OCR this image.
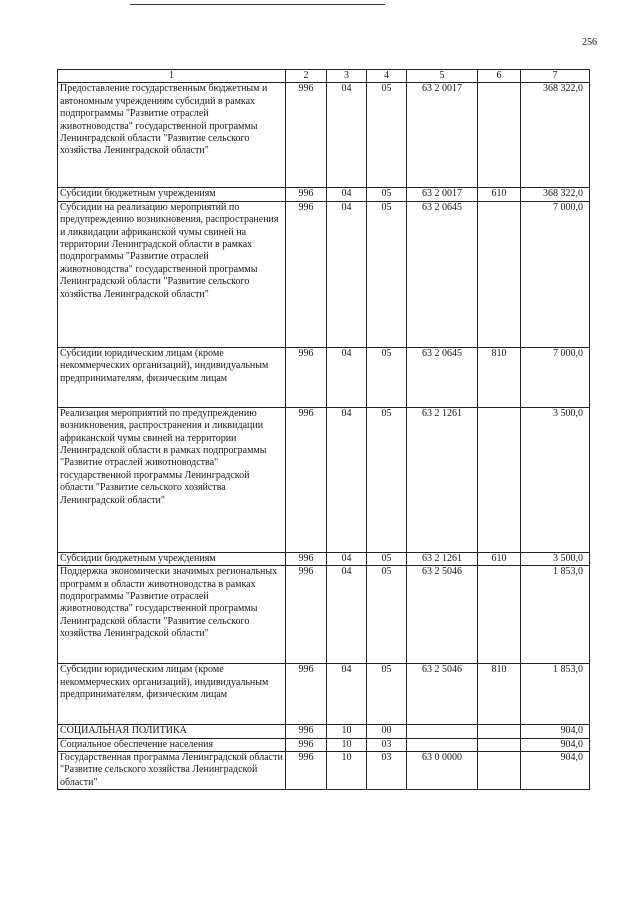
256
1	2	3	4	5	6	7
Предоставление государственным бюджетным и автономным учреждениям субсидий в рамках подпрограммы "Развитие отраслей животноводства" государственной программы Ленинградской области "Развитие сельского хозяйства Ленинградской области"	996	04	05	63 2 0017		368 322,0
Субсидии бюджетным учреждениям	996	04	05	63 2 0017	610	368 322,0
Субсидии на реализацию мероприятий по предупреждению возникновения, распространения и ликвидации африканской чумы свиней на территории Ленинградской области в рамках подпрограммы "Развитие отраслей животноводства" государственной программы Ленинградской области "Развитие сельского хозяйства Ленинградской области"	996	04	05	63 2 0645		7 000,0
Субсидии юридическим лицам (кроме некоммерческих организаций), индивидуальным предпринимателям, физическим лицам	996	04	05	63 2 0645	810	7 000,0
Реализация мероприятий по предупреждению возникновения, распространения и ликвидации африканской чумы свиней на территории Ленинградской области в рамках подпрограммы "Развитие отраслей животноводства" государственной программы Ленинградской области "Развитие сельского хозяйства Ленинградской области"	996	04	05	63 2 1261		3 500,0
Субсидии бюджетным учреждениям	996	04	05	63 2 1261	610	3 500,0
Поддержка экономически значимых региональных программ в области животноводства в рамках подпрограммы "Развитие отраслей животноводства" государственной программы Ленинградской области "Развитие сельского хозяйства Ленинградской области"	996	04	05	63 2 5046		1 853,0
Субсидии юридическим лицам (кроме некоммерческих организаций), индивидуальным предпринимателям, физическим лицам	996	04	05	63 2 5046	810	1 853,0
СОЦИАЛЬНАЯ ПОЛИТИКА	996	10	00			904,0
Социальное обеспечение населения	996	10	03			904,0
Государственная программа Ленинградской области "Развитие сельского хозяйства Ленинградской области"	996	10	03	63 0 0000		904,0
